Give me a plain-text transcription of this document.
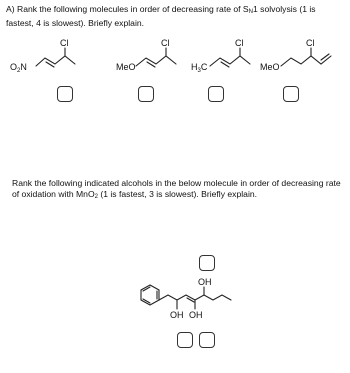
A) Rank the following molecules in order of decreasing rate of SN1 solvolysis (1 is fastest, 4 is slowest). Briefly explain.
$O_2N$
Cl
MeO
Cl
$H_3C$
Cl
MeO
Cl
Rank the following indicated alcohols in the below molecule in order of decreasing rate of oxidation with MnO2 (1 is fastest, 3 is slowest). Briefly explain.
OH OH
OH
